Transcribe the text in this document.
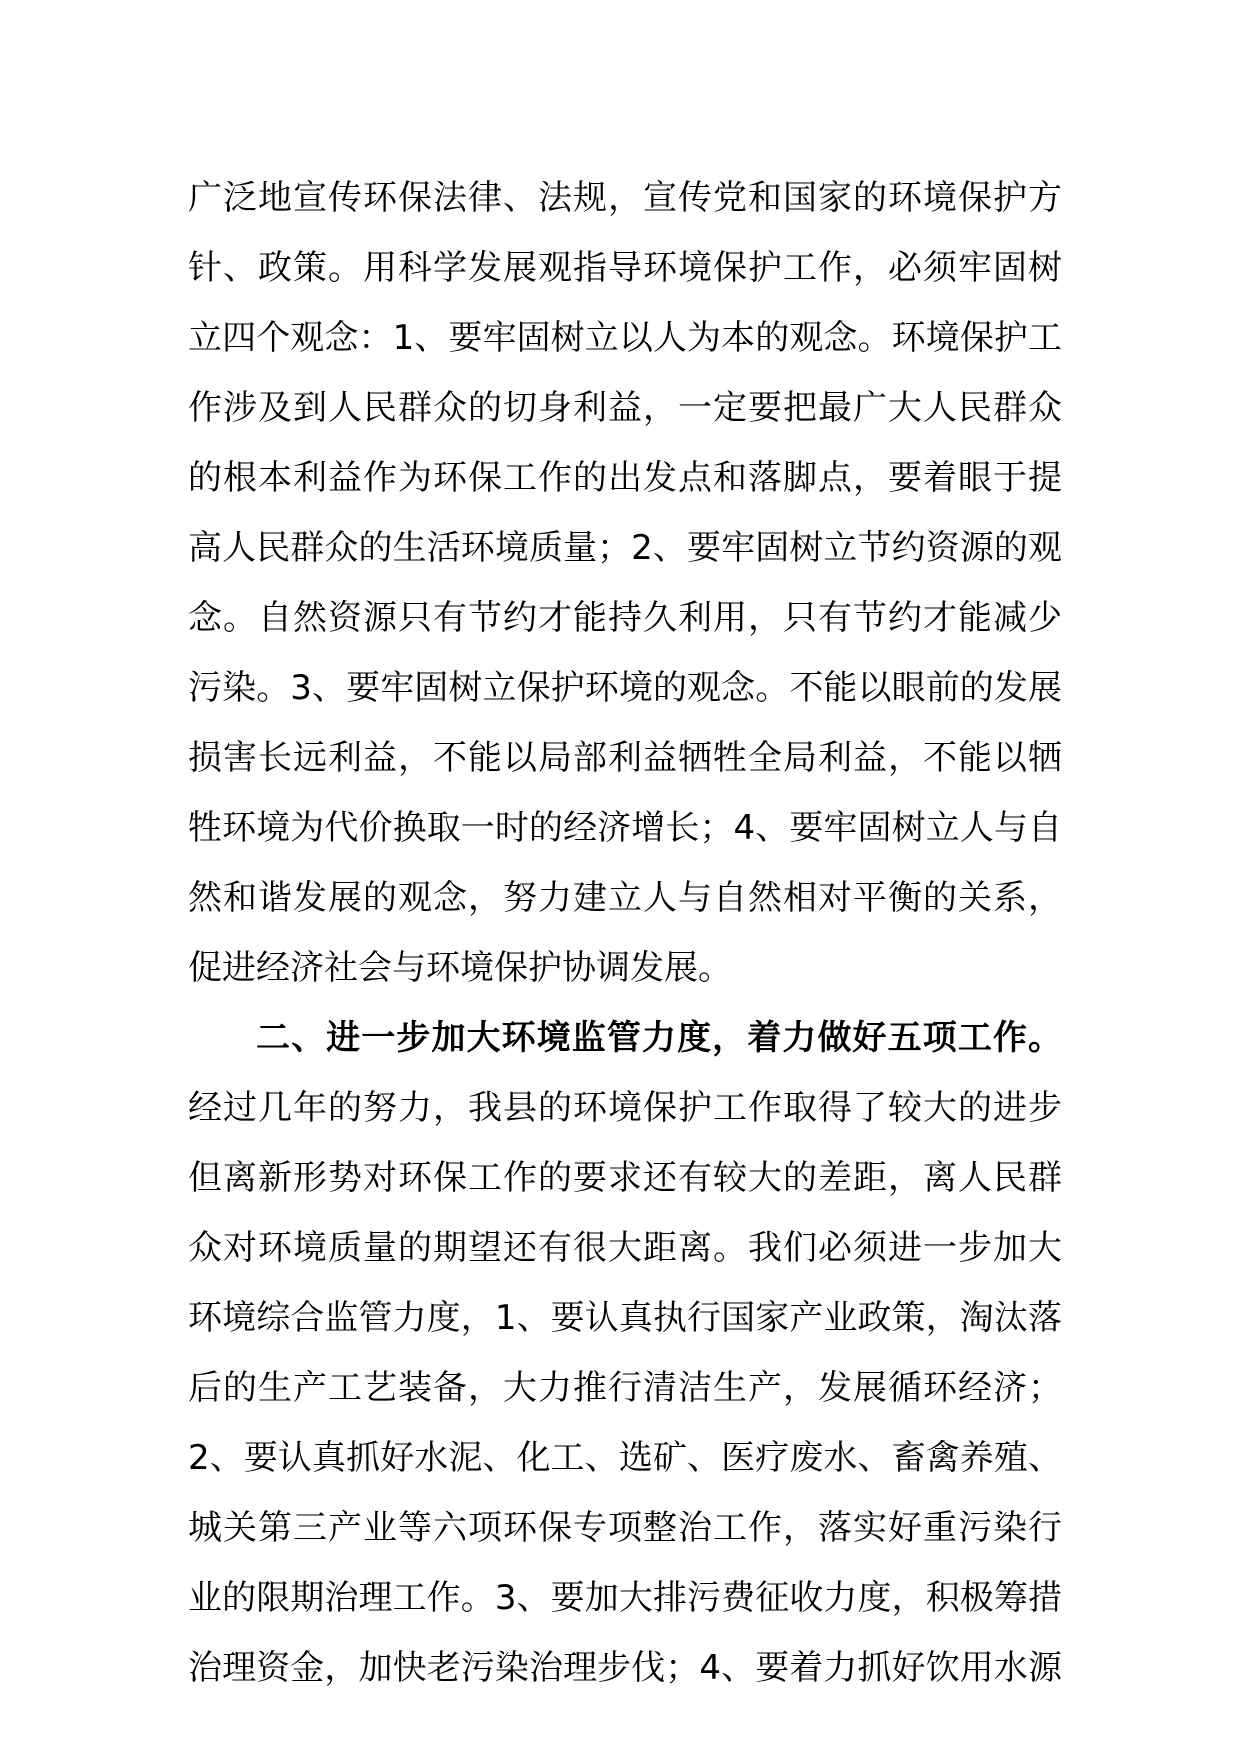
广泛地宣传环保法律、法规，宣传党和国家的环境保护方
针、政策。用科学发展观指导环境保护工作，必须牢固树
立四个观念：1、要牢固树立以人为本的观念。环境保护工
作涉及到人民群众的切身利益，一定要把最广大人民群众
的根本利益作为环保工作的出发点和落脚点，要着眼于提
高人民群众的生活环境质量；2、要牢固树立节约资源的观
念。自然资源只有节约才能持久利用，只有节约才能减少
污染。3、要牢固树立保护环境的观念。不能以眼前的发展
损害长远利益，不能以局部利益牺牲全局利益，不能以牺
牲环境为代价换取一时的经济增长；4、要牢固树立人与自
然和谐发展的观念，努力建立人与自然相对平衡的关系，
促进经济社会与环境保护协调发展。
二、进一步加大环境监管力度，着力做好五项工作。
经过几年的努力，我县的环境保护工作取得了较大的进步
但离新形势对环保工作的要求还有较大的差距，离人民群
众对环境质量的期望还有很大距离。我们必须进一步加大
环境综合监管力度，1、要认真执行国家产业政策，淘汰落
后的生产工艺装备，大力推行清洁生产，发展循环经济；
2、要认真抓好水泥、化工、选矿、医疗废水、畜禽养殖、
城关第三产业等六项环保专项整治工作，落实好重污染行
业的限期治理工作。3、要加大排污费征收力度，积极筹措
治理资金，加快老污染治理步伐；4、要着力抓好饮用水源
